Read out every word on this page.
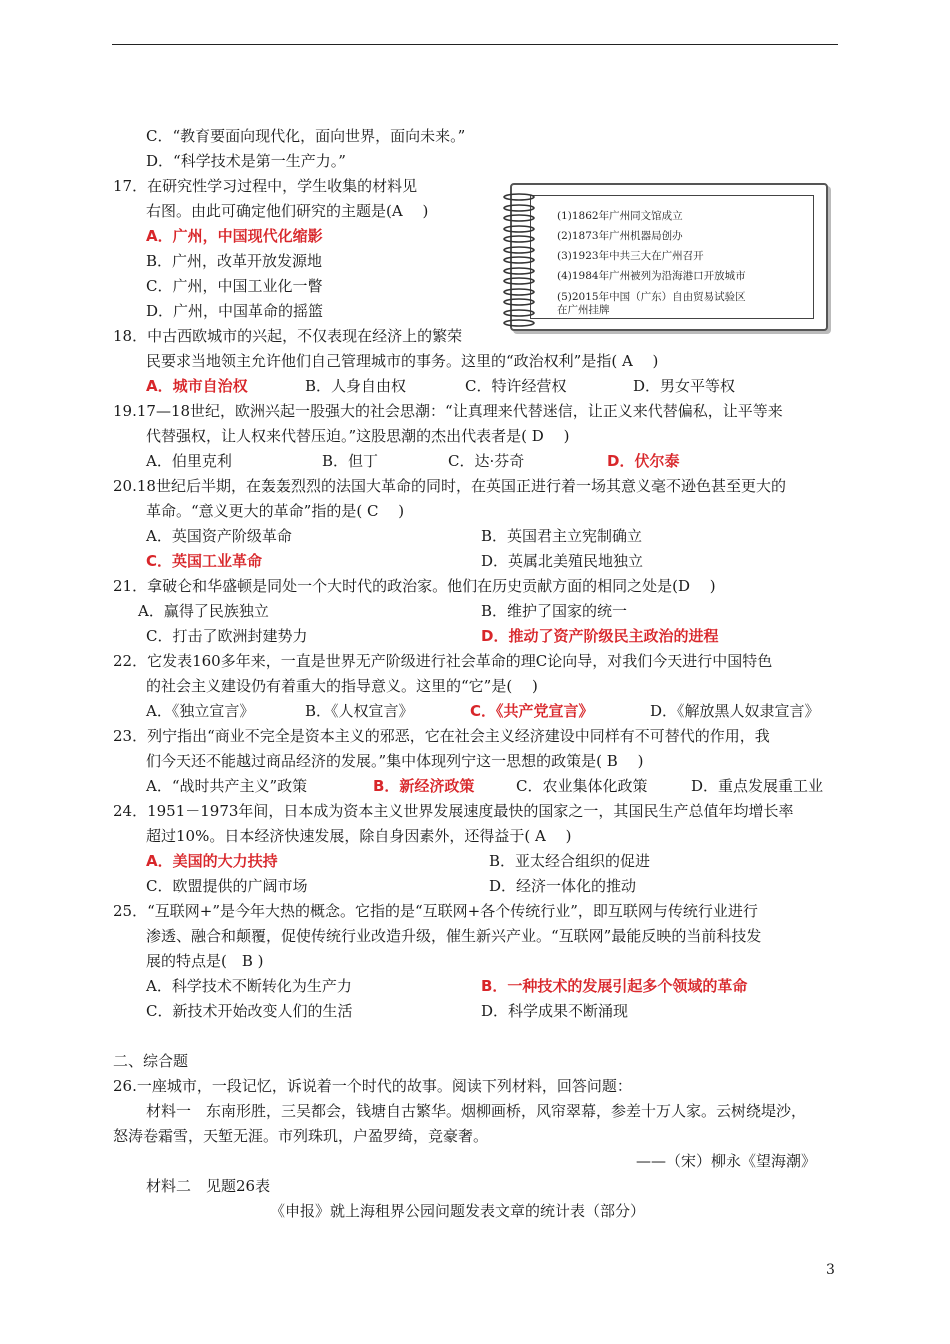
C．“教育要面向现代化，面向世界，面向未来。”
D．“科学技术是第一生产力。”
17．在研究性学习过程中，学生收集的材料见
右图。由此可确定他们研究的主题是(A　 )
A．广州，中国现代化缩影
B．广州，改革开放发源地
C．广州，中国工业化一瞥
D．广州，中国革命的摇篮
18．中古西欧城市的兴起，不仅表现在经济上的繁荣
民要求当地领主允许他们自己管理城市的事务。这里的“政治权利”是指( A　 )
A．城市自治权	B．人身自由权	C．特许经营权	D．男女平等权
19.17—18世纪，欧洲兴起一股强大的社会思潮：“让真理来代替迷信，让正义来代替偏私，让平等来
代替强权，让人权来代替压迫。”这股思潮的杰出代表者是( D　 )
A．伯里克利	B．但丁	C．达·芬奇	D．伏尔泰
20.18世纪后半期，在轰轰烈烈的法国大革命的同时，在英国正进行着一场其意义毫不逊色甚至更大的
革命。“意义更大的革命”指的是( C　 )
A．英国资产阶级革命	B．英国君主立宪制确立
C．英国工业革命	D．英属北美殖民地独立
21．拿破仑和华盛顿是同处一个大时代的政治家。他们在历史贡献方面的相同之处是(D　 )
A．赢得了民族独立	B．维护了国家的统一
C．打击了欧洲封建势力	D．推动了资产阶级民主政治的进程
22．它发表160多年来，一直是世界无产阶级进行社会革命的理C论向导，对我们今天进行中国特色
的社会主义建设仍有着重大的指导意义。这里的“它”是(　 )
A．《独立宣言》	B．《人权宣言》	C．《共产党宣言》	D．《解放黑人奴隶宣言》
23．列宁指出“商业不完全是资本主义的邪恶，它在社会主义经济建设中同样有不可替代的作用，我
们今天还不能越过商品经济的发展。”集中体现列宁这一思想的政策是( B　 )
A．“战时共产主义”政策	B．新经济政策	C．农业集体化政策	D．重点发展重工业
24．1951－1973年间，日本成为资本主义世界发展速度最快的国家之一，其国民生产总值年均增长率
超过10%。日本经济快速发展，除自身因素外，还得益于( A　 )
A．美国的大力扶持	B．亚太经合组织的促进
C．欧盟提供的广阔市场	D．经济一体化的推动
25．“互联网+”是今年大热的概念。它指的是“互联网+各个传统行业”，即互联网与传统行业进行
渗透、融合和颠覆，促使传统行业改造升级，催生新兴产业。“互联网”最能反映的当前科技发
展的特点是(　B )
A．科学技术不断转化为生产力	B．一种技术的发展引起多个领域的革命
C．新技术开始改变人们的生活	D．科学成果不断涌现
二、综合题
26.一座城市，一段记忆，诉说着一个时代的故事。阅读下列材料，回答问题：
材料一　东南形胜，三吴都会，钱塘自古繁华。烟柳画桥，风帘翠幕，参差十万人家。云树绕堤沙，
怒涛卷霜雪，天堑无涯。市列珠玑，户盈罗绮，竞豪奢。
——（宋）柳永《望海潮》
材料二　见题26表
《申报》就上海租界公园问题发表文章的统计表（部分）
(1)1862年广州同文馆成立
(2)1873年广州机器局创办
(3)1923年中共三大在广州召开
(4)1984年广州被列为沿海港口开放城市
(5)2015年中国（广东）自由贸易试验区
在广州挂牌
3
